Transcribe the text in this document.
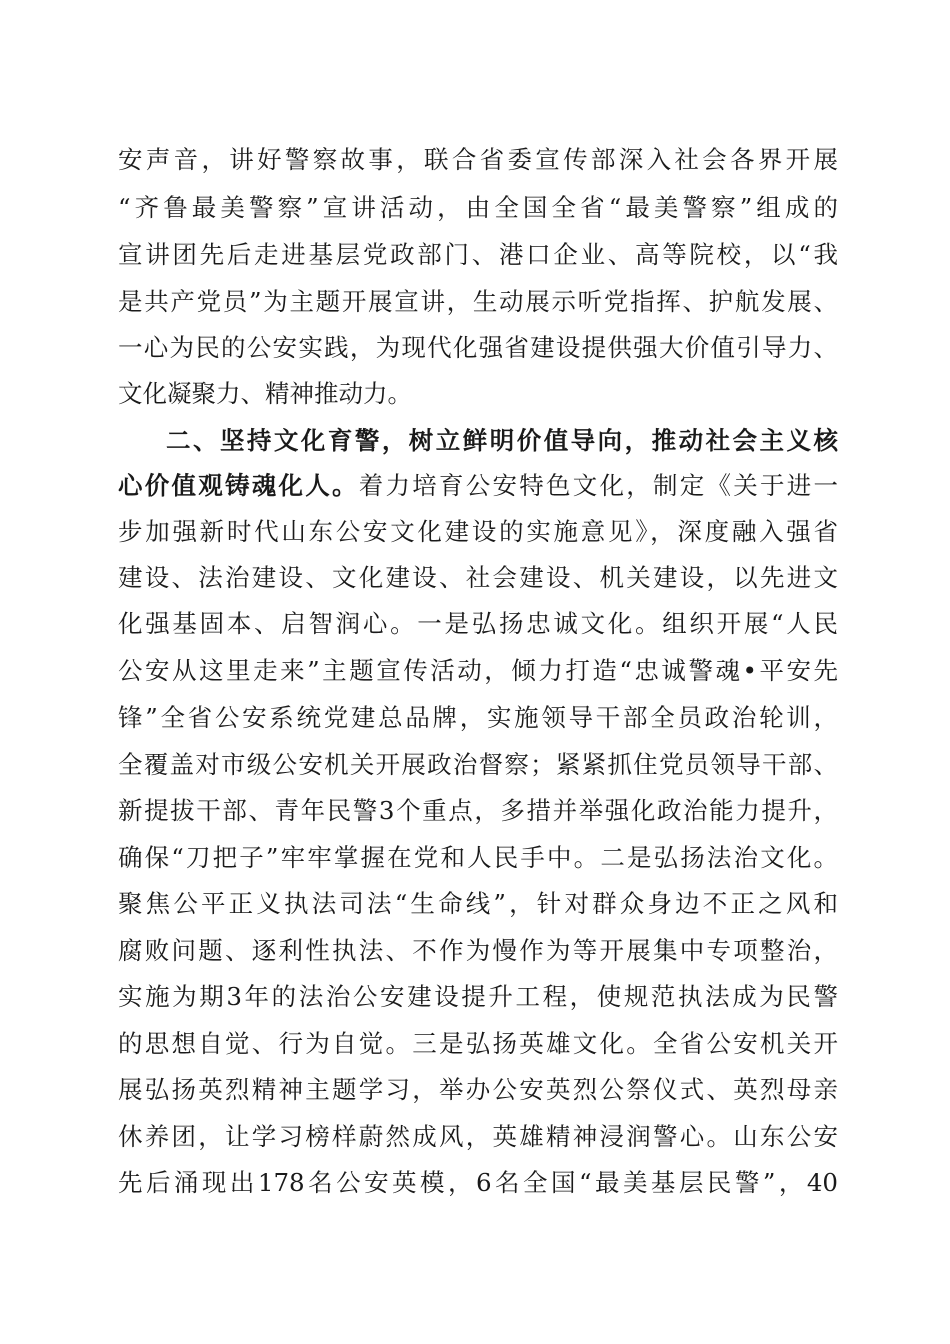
安声音，讲好警察故事，联合省委宣传部深入社会各界开展
“齐鲁最美警察”宣讲活动，由全国全省“最美警察”组成的
宣讲团先后走进基层党政部门、港口企业、高等院校，以“我
是共产党员”为主题开展宣讲，生动展示听党指挥、护航发展、
一心为民的公安实践，为现代化强省建设提供强大价值引导力、
文化凝聚力、精神推动力。
二、坚持文化育警，树立鲜明价值导向，推动社会主义核
心价值观铸魂化人。着力培育公安特色文化，制定《关于进一
步加强新时代山东公安文化建设的实施意见》，深度融入强省
建设、法治建设、文化建设、社会建设、机关建设，以先进文
化强基固本、启智润心。一是弘扬忠诚文化。组织开展“人民
公安从这里走来”主题宣传活动，倾力打造“忠诚警魂•平安先
锋”全省公安系统党建总品牌，实施领导干部全员政治轮训，
全覆盖对市级公安机关开展政治督察；紧紧抓住党员领导干部、
新提拔干部、青年民警3个重点，多措并举强化政治能力提升，
确保“刀把子”牢牢掌握在党和人民手中。二是弘扬法治文化。
聚焦公平正义执法司法“生命线”，针对群众身边不正之风和
腐败问题、逐利性执法、不作为慢作为等开展集中专项整治，
实施为期3年的法治公安建设提升工程，使规范执法成为民警
的思想自觉、行为自觉。三是弘扬英雄文化。全省公安机关开
展弘扬英烈精神主题学习，举办公安英烈公祭仪式、英烈母亲
休养团，让学习榜样蔚然成风，英雄精神浸润警心。山东公安
先后涌现出178名公安英模，6名全国“最美基层民警”，40
